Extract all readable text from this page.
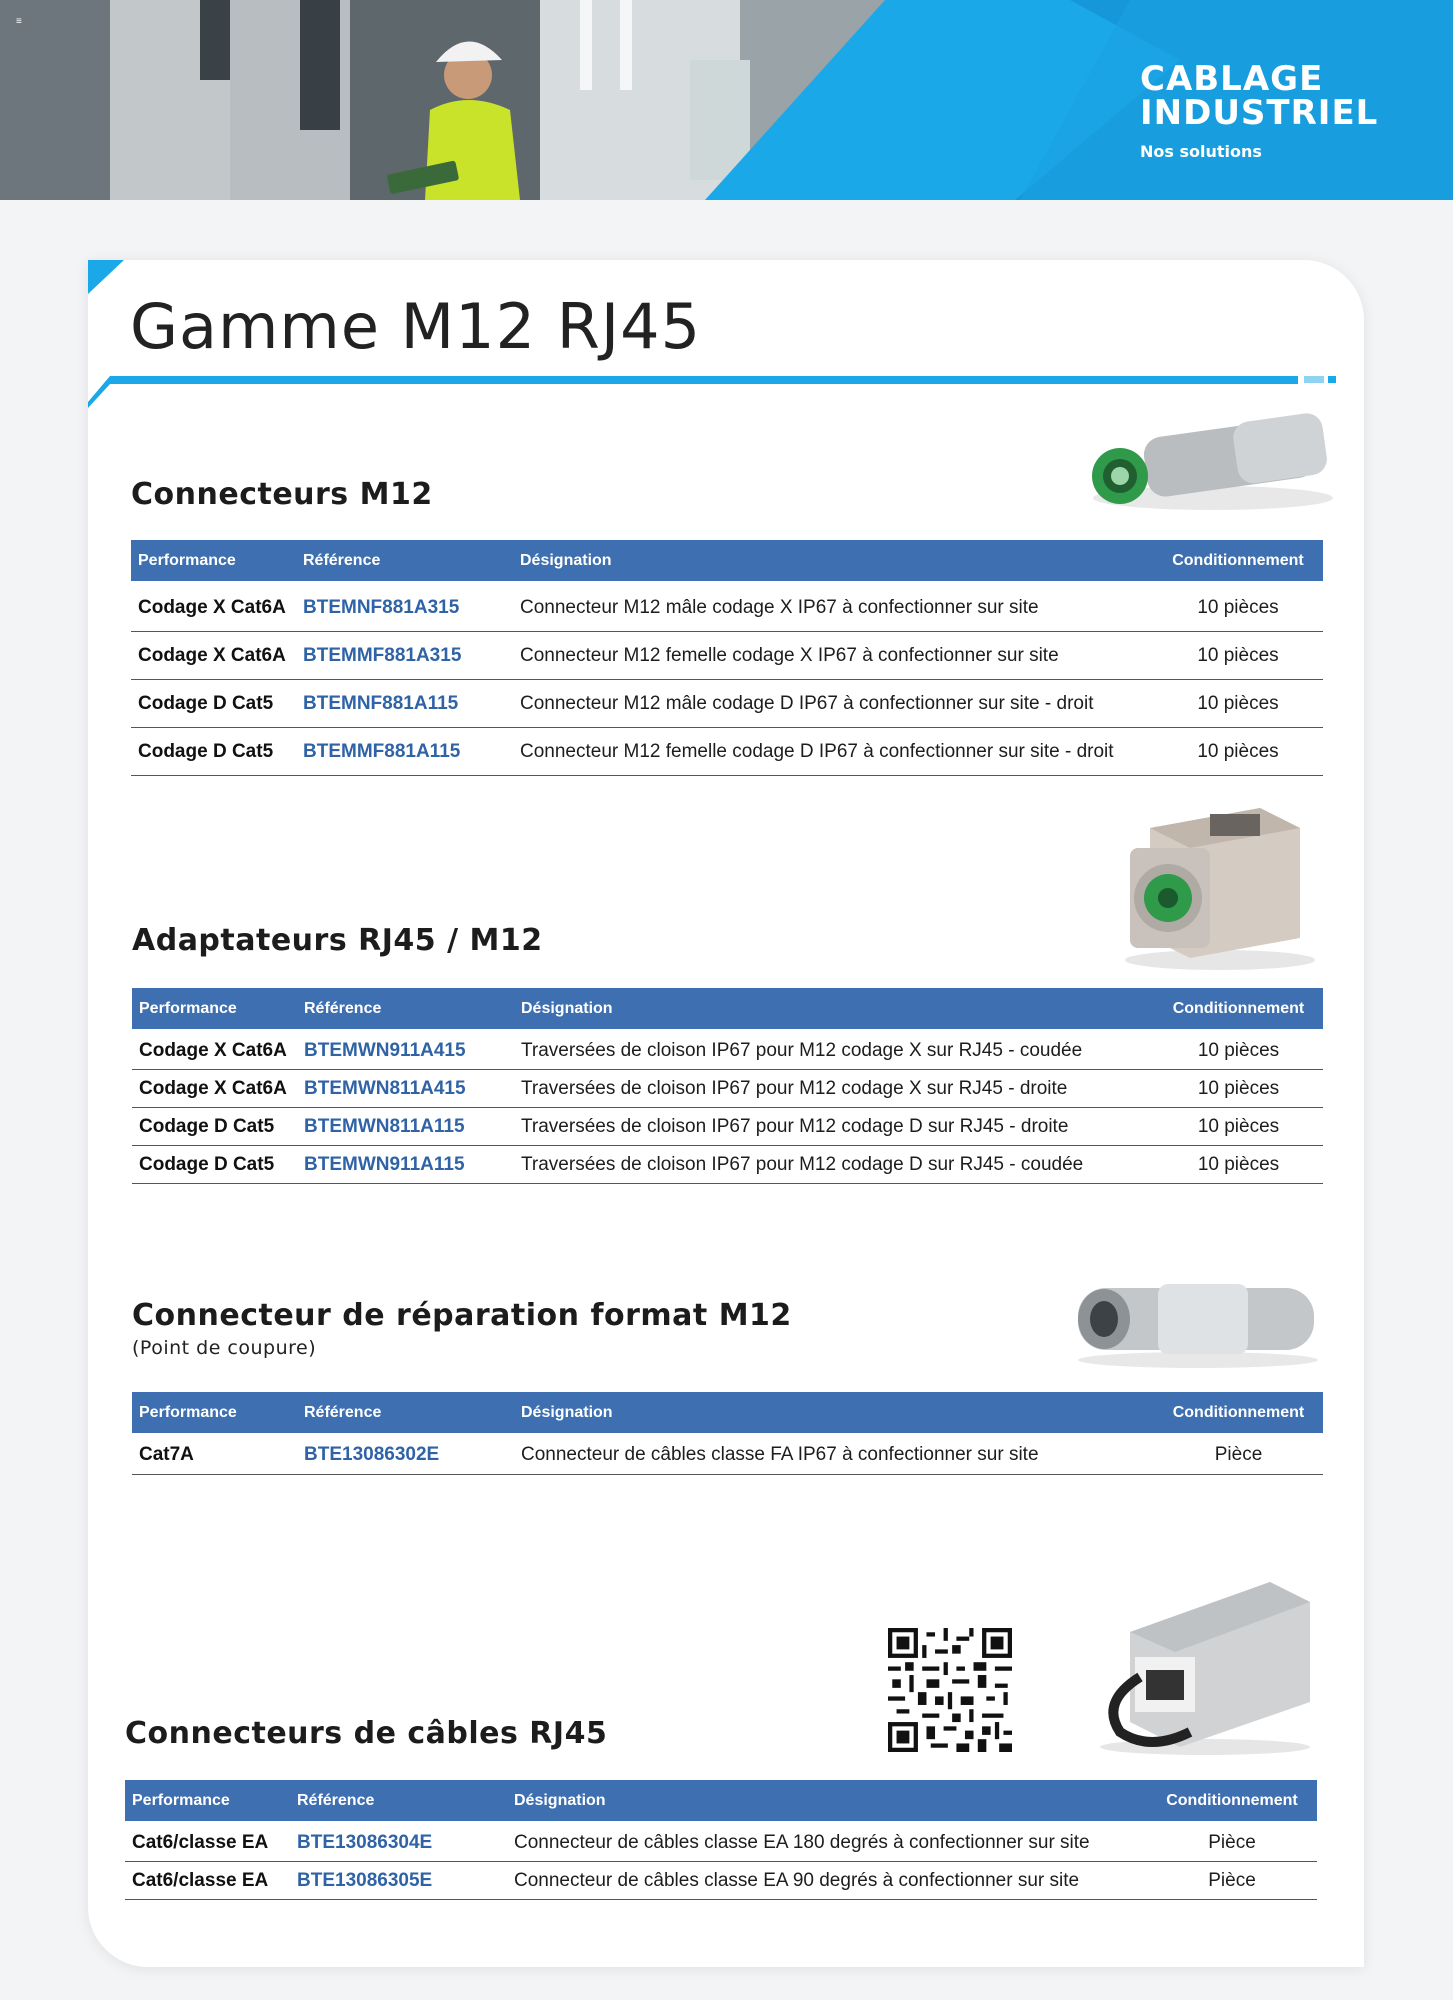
≡
CABLAGE
INDUSTRIEL
Nos solutions
Gamme M12 RJ45
Connecteurs M12
Performance	Référence	Désignation	Conditionnement
Codage X Cat6A	BTEMNF881A315	Connecteur M12 mâle codage X IP67 à confectionner sur site	10 pièces
Codage X Cat6A	BTEMMF881A315	Connecteur M12 femelle codage X IP67 à confectionner sur site	10 pièces
Codage D Cat5	BTEMNF881A115	Connecteur M12 mâle codage D IP67 à confectionner sur site - droit	10 pièces
Codage D Cat5	BTEMMF881A115	Connecteur M12 femelle codage D IP67 à confectionner sur site - droit	10 pièces
Adaptateurs RJ45 / M12
Performance	Référence	Désignation	Conditionnement
Codage X Cat6A	BTEMWN911A415	Traversées de cloison IP67 pour M12 codage X sur RJ45 - coudée	10 pièces
Codage X Cat6A	BTEMWN811A415	Traversées de cloison IP67 pour M12 codage X sur RJ45 - droite	10 pièces
Codage D Cat5	BTEMWN811A115	Traversées de cloison IP67 pour M12 codage D sur RJ45 - droite	10 pièces
Codage D Cat5	BTEMWN911A115	Traversées de cloison IP67 pour M12 codage D sur RJ45 - coudée	10 pièces
Connecteur de réparation format M12
(Point de coupure)
Performance	Référence	Désignation	Conditionnement
Cat7A	BTE13086302E	Connecteur de câbles classe FA IP67 à confectionner sur site	Pièce
Connecteurs de câbles RJ45
Performance	Référence	Désignation	Conditionnement
Cat6/classe EA	BTE13086304E	Connecteur de câbles classe EA 180 degrés à confectionner sur site	Pièce
Cat6/classe EA	BTE13086305E	Connecteur de câbles classe EA 90 degrés à confectionner sur site	Pièce
